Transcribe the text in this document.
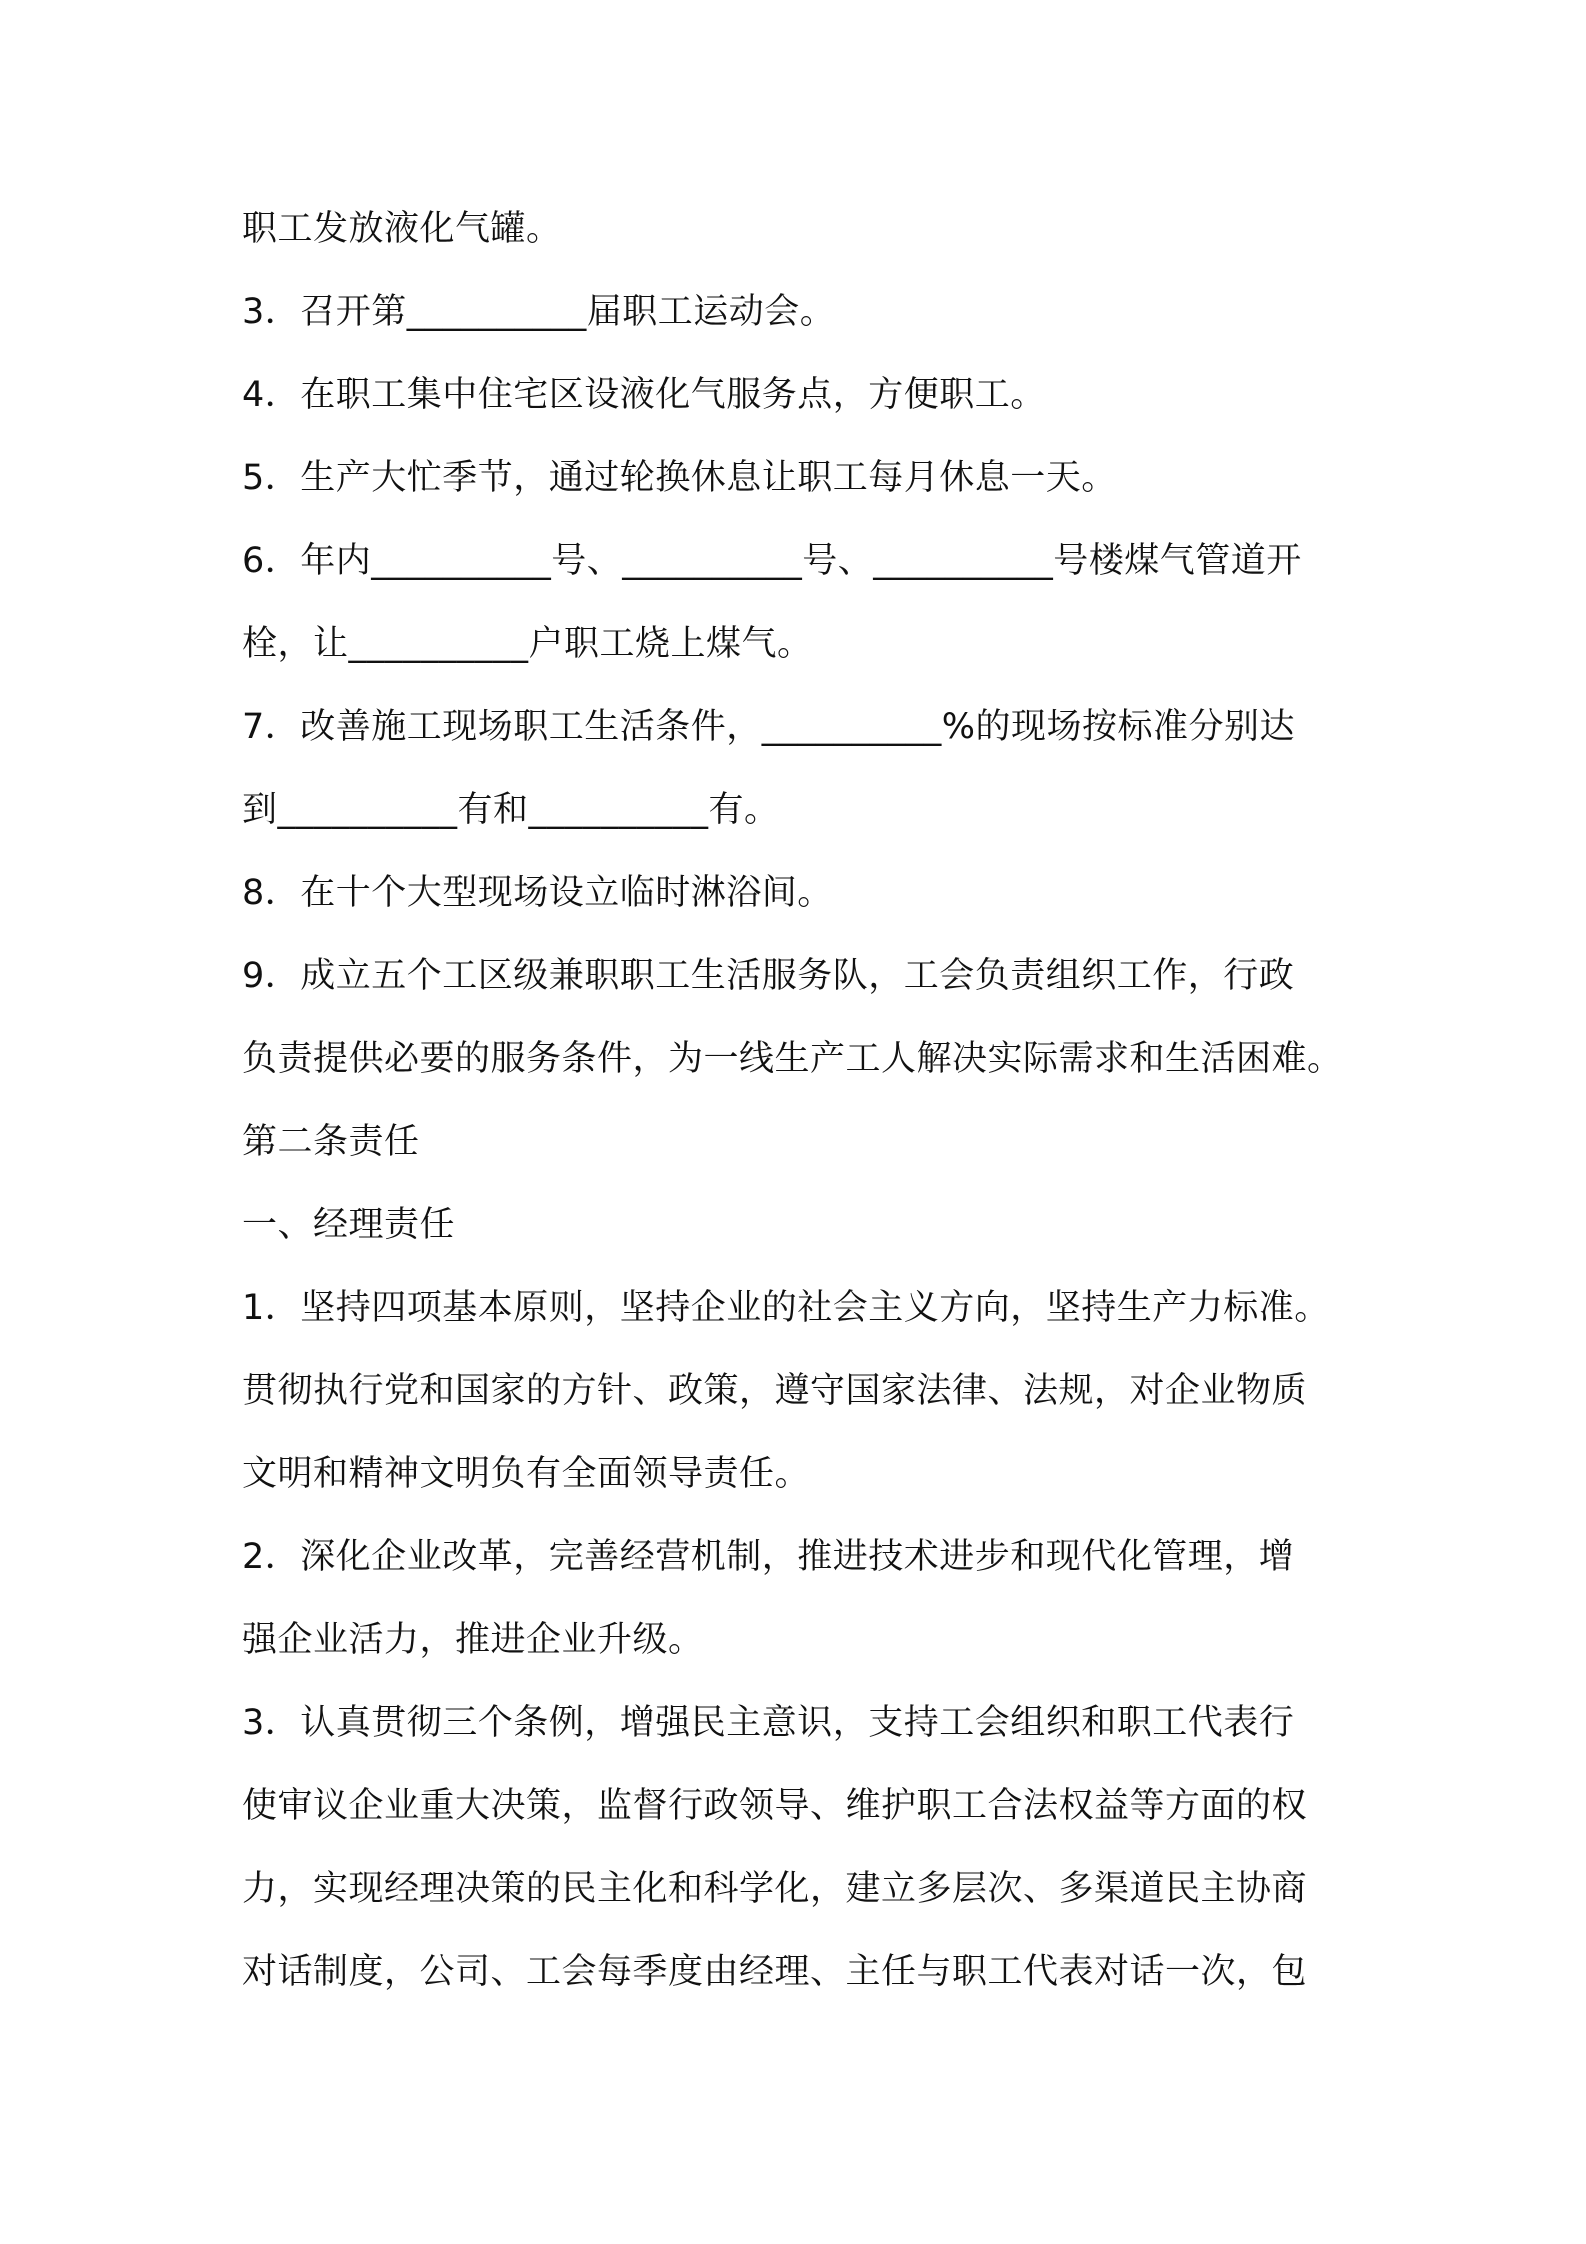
职工发放液化气罐。

3．召开第__________届职工运动会。

4．在职工集中住宅区设液化气服务点，方便职工。

5．生产大忙季节，通过轮换休息让职工每月休息一天。

6．年内__________号、__________号、__________号楼煤气管道开

栓，让__________户职工烧上煤气。

7．改善施工现场职工生活条件，__________%的现场按标准分别达

到__________有和__________有。

8．在十个大型现场设立临时淋浴间。

9．成立五个工区级兼职职工生活服务队，工会负责组织工作，行政

负责提供必要的服务条件，为一线生产工人解决实际需求和生活困难。

第二条责任

一、经理责任

1．坚持四项基本原则，坚持企业的社会主义方向，坚持生产力标准。

贯彻执行党和国家的方针、政策，遵守国家法律、法规，对企业物质

文明和精神文明负有全面领导责任。

2．深化企业改革，完善经营机制，推进技术进步和现代化管理，增

强企业活力，推进企业升级。

3．认真贯彻三个条例，增强民主意识，支持工会组织和职工代表行

使审议企业重大决策，监督行政领导、维护职工合法权益等方面的权

力，实现经理决策的民主化和科学化，建立多层次、多渠道民主协商

对话制度，公司、工会每季度由经理、主任与职工代表对话一次，包
